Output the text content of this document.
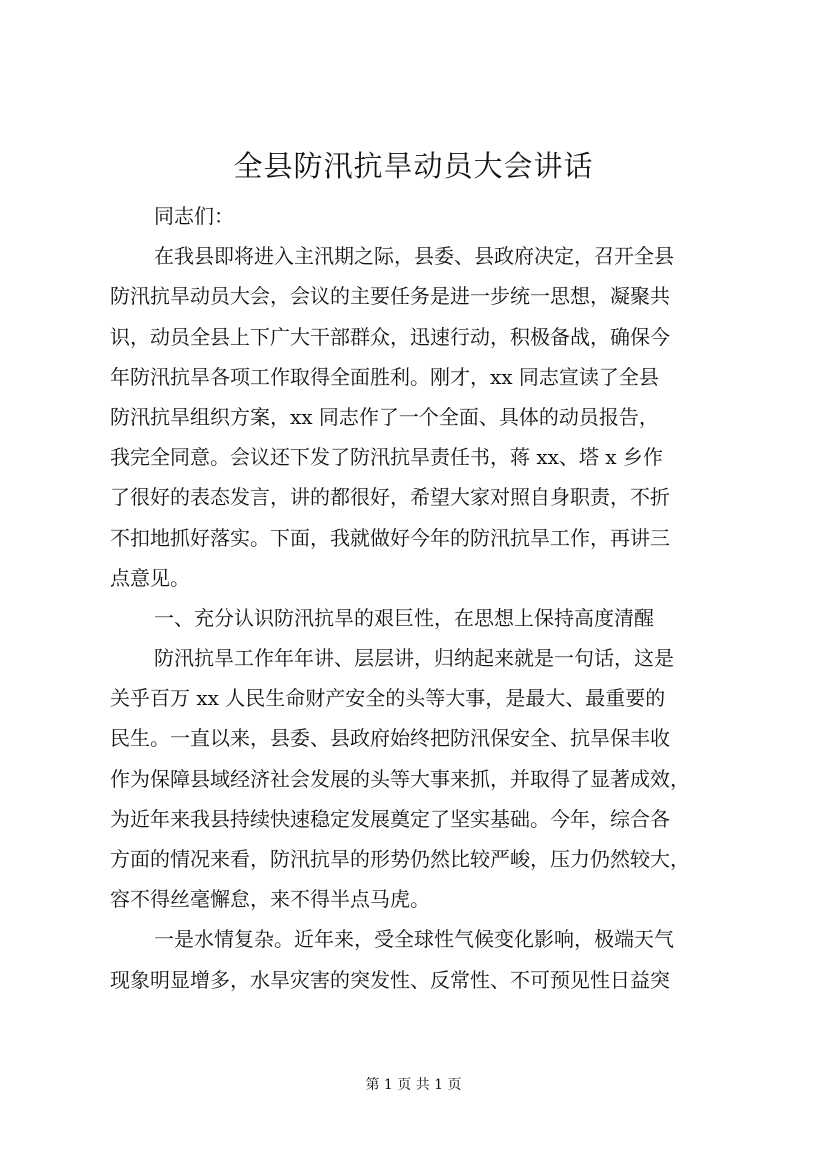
全县防汛抗旱动员大会讲话
同志们：
在我县即将进入主汛期之际，县委、县政府决定，召开全县
防汛抗旱动员大会，会议的主要任务是进一步统一思想，凝聚共
识，动员全县上下广大干部群众，迅速行动，积极备战，确保今
年防汛抗旱各项工作取得全面胜利。刚才，xx 同志宣读了全县
防汛抗旱组织方案，xx 同志作了一个全面、具体的动员报告，
我完全同意。会议还下发了防汛抗旱责任书，蒋 xx、塔 x 乡作
了很好的表态发言，讲的都很好，希望大家对照自身职责，不折
不扣地抓好落实。下面，我就做好今年的防汛抗旱工作，再讲三
点意见。
一、充分认识防汛抗旱的艰巨性，在思想上保持高度清醒
防汛抗旱工作年年讲、层层讲，归纳起来就是一句话，这是
关乎百万 xx 人民生命财产安全的头等大事，是最大、最重要的
民生。一直以来，县委、县政府始终把防汛保安全、抗旱保丰收
作为保障县域经济社会发展的头等大事来抓，并取得了显著成效，
为近年来我县持续快速稳定发展奠定了坚实基础。今年，综合各
方面的情况来看，防汛抗旱的形势仍然比较严峻，压力仍然较大，
容不得丝毫懈怠，来不得半点马虎。
一是水情复杂。近年来，受全球性气候变化影响，极端天气
现象明显增多，水旱灾害的突发性、反常性、不可预见性日益突
第 1 页 共 1 页
